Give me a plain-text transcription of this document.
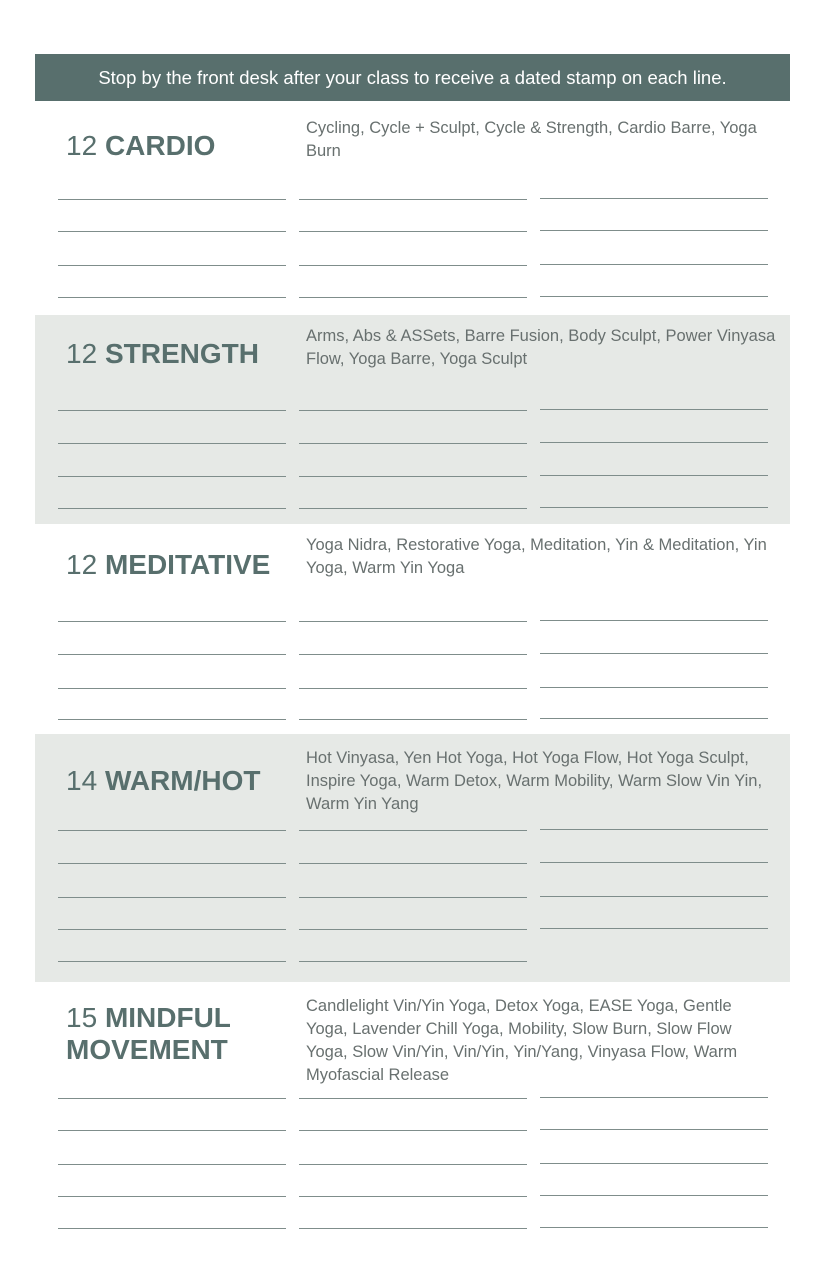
Stop by the front desk after your class to receive a dated stamp on each line.
12 CARDIO
Cycling, Cycle + Sculpt, Cycle & Strength, Cardio Barre, Yoga Burn
12 STRENGTH
Arms, Abs & ASSets, Barre Fusion, Body Sculpt, Power Vinyasa Flow, Yoga Barre, Yoga Sculpt
12 MEDITATIVE
Yoga Nidra, Restorative Yoga, Meditation, Yin & Meditation, Yin Yoga, Warm Yin Yoga
14 WARM/HOT
Hot Vinyasa, Yen Hot Yoga, Hot Yoga Flow, Hot Yoga Sculpt, Inspire Yoga, Warm Detox, Warm Mobility, Warm Slow Vin Yin, Warm Yin Yang
15 MINDFUL
MOVEMENT
Candlelight Vin/Yin Yoga, Detox Yoga, EASE Yoga, Gentle Yoga, Lavender Chill Yoga, Mobility, Slow Burn, Slow Flow Yoga, Slow Vin/Yin, Vin/Yin, Yin/Yang, Vinyasa Flow, Warm Myofascial Release
